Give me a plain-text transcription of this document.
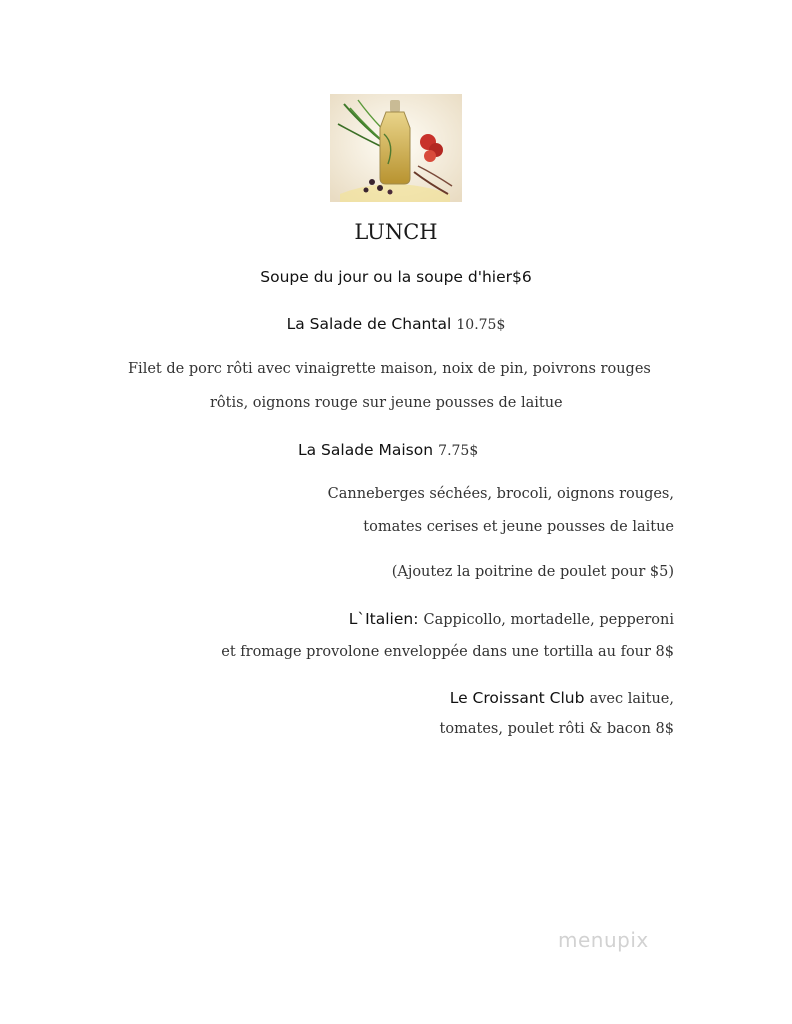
LUNCH
Soupe du jour ou la soupe d'hier$6
La Salade de Chantal 10.75$
Filet de porc rôti avec vinaigrette maison, noix de pin, poivrons rouges
rôtis, oignons rouge sur jeune pousses de laitue
La Salade Maison 7.75$
Canneberges séchées, brocoli, oignons rouges,
tomates cerises et jeune pousses de laitue
(Ajoutez la poitrine de poulet pour $5)
L`Italien: Cappicollo, mortadelle, pepperoni
et fromage provolone enveloppée dans une tortilla au four 8$
Le Croissant Club avec laitue,
tomates, poulet rôti & bacon 8$
menupix
